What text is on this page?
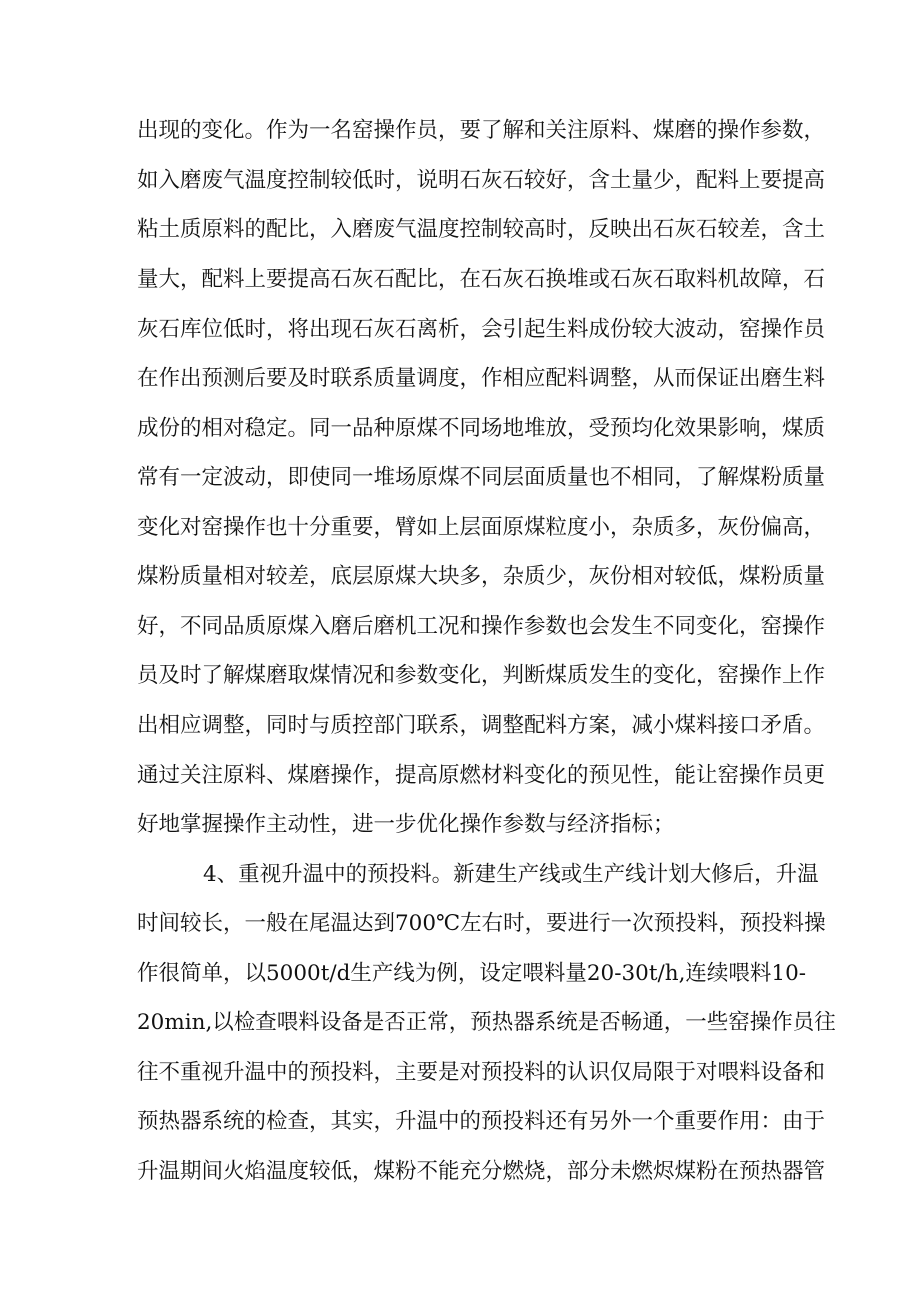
出现的变化。作为一名窑操作员，要了解和关注原料、煤磨的操作参数，
如入磨废气温度控制较低时，说明石灰石较好，含土量少，配料上要提高
粘土质原料的配比，入磨废气温度控制较高时，反映出石灰石较差，含土
量大，配料上要提高石灰石配比，在石灰石换堆或石灰石取料机故障，石
灰石库位低时，将出现石灰石离析，会引起生料成份较大波动，窑操作员
在作出预测后要及时联系质量调度，作相应配料调整，从而保证出磨生料
成份的相对稳定。同一品种原煤不同场地堆放，受预均化效果影响，煤质
常有一定波动，即使同一堆场原煤不同层面质量也不相同，了解煤粉质量
变化对窑操作也十分重要，臂如上层面原煤粒度小，杂质多，灰份偏高，
煤粉质量相对较差，底层原煤大块多，杂质少，灰份相对较低，煤粉质量
好，不同品质原煤入磨后磨机工况和操作参数也会发生不同变化，窑操作
员及时了解煤磨取煤情况和参数变化，判断煤质发生的变化，窑操作上作
出相应调整，同时与质控部门联系，调整配料方案，减小煤料接口矛盾。
通过关注原料、煤磨操作，提高原燃材料变化的预见性，能让窑操作员更
好地掌握操作主动性，进一步优化操作参数与经济指标；
4、重视升温中的预投料。新建生产线或生产线计划大修后，升温
时间较长，一般在尾温达到700℃左右时，要进行一次预投料，预投料操
作很简单，以5000t/d生产线为例，设定喂料量20-30t/h,连续喂料10-
20min,以检查喂料设备是否正常，预热器系统是否畅通，一些窑操作员往
往不重视升温中的预投料，主要是对预投料的认识仅局限于对喂料设备和
预热器系统的检查，其实，升温中的预投料还有另外一个重要作用：由于
升温期间火焰温度较低，煤粉不能充分燃烧，部分未燃烬煤粉在预热器管
